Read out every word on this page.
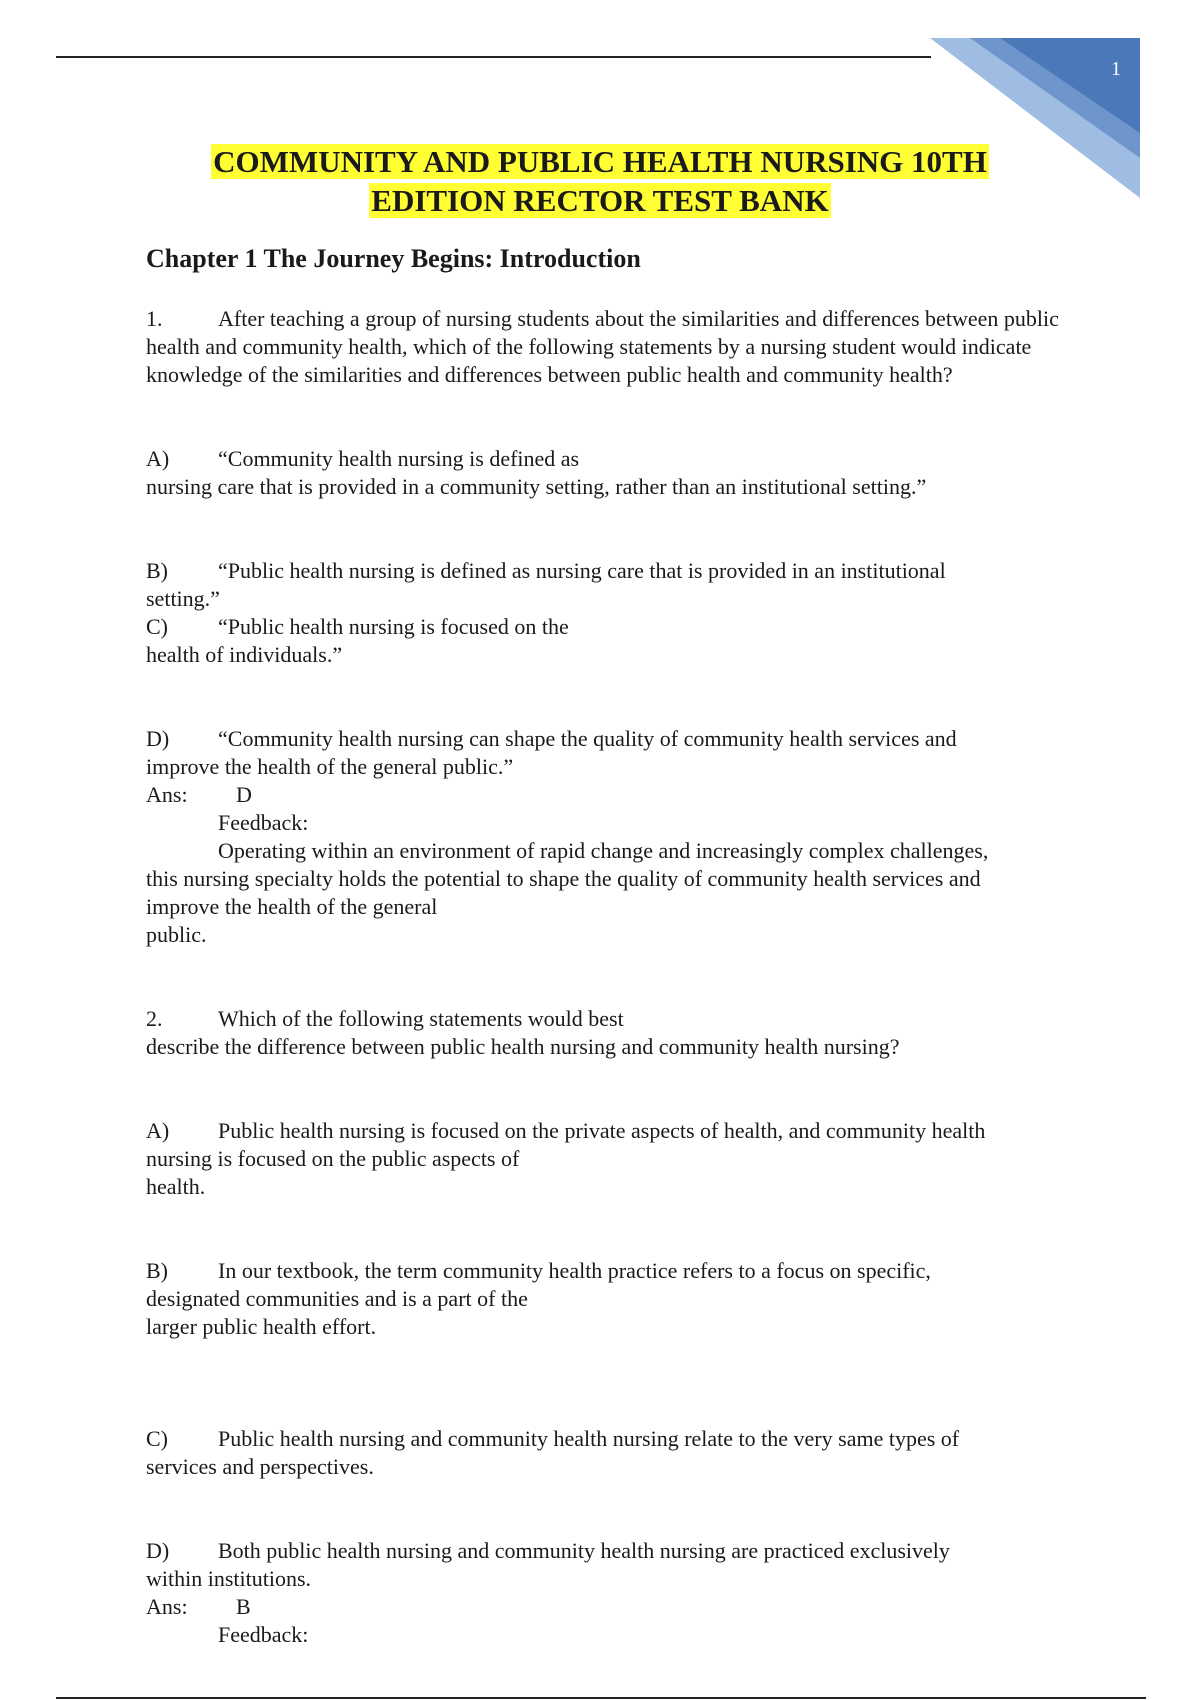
1
COMMUNITY AND PUBLIC HEALTH NURSING 10TH
EDITION RECTOR TEST BANK
Chapter 1 The Journey Begins: Introduction

1.	After teaching a group of nursing students about the similarities and differences between public health and community health, which of the following statements by a nursing student would indicate knowledge of the similarities and differences between public health and community health?

A) “Community health nursing is defined as
nursing care that is provided in a community setting, rather than an institutional setting.”

B) “Public health nursing is defined as nursing care that is provided in an institutional
setting.”

C) “Public health nursing is focused on the
health of individuals.”

D) “Community health nursing can shape the quality of community health services and
improve the health of the general public.”

Ans:	D

Feedback:

Operating within an environment of rapid change and increasingly complex challenges,
this nursing specialty holds the potential to shape the quality of community health services and
improve the health of the general
public.

2.	Which of the following statements would best
describe the difference between public health nursing and community health nursing?

A) Public health nursing is focused on the private aspects of health, and community health
nursing is focused on the public aspects of
health.

B) In our textbook, the term community health practice refers to a focus on specific,
designated communities and is a part of the
larger public health effort.

C) Public health nursing and community health nursing relate to the very same types of
services and perspectives.

D) Both public health nursing and community health nursing are practiced exclusively
within institutions.

Ans:	B

Feedback:
